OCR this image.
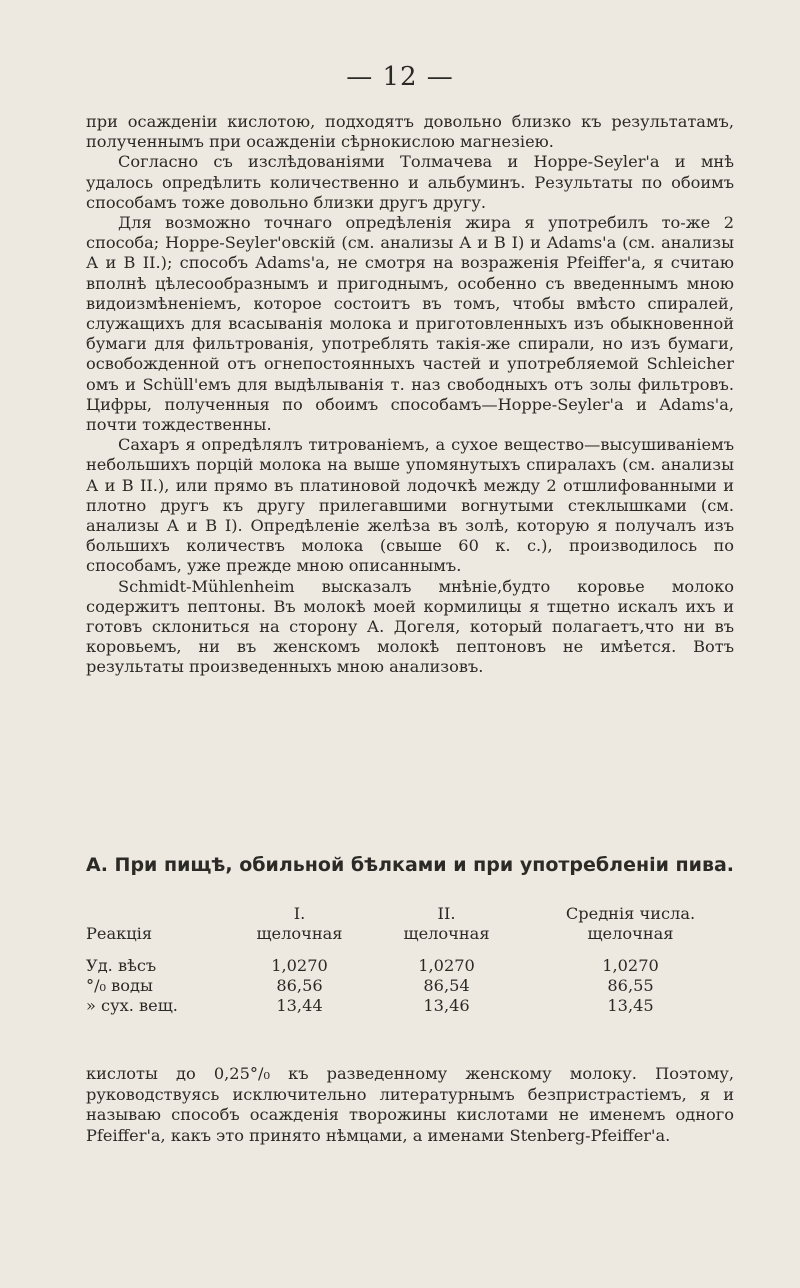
— 12 —

при осажденіи кислотою, подходятъ довольно близко къ результатамъ, полученнымъ при осажденіи сѣрнокислою магнезіею.

Согласно съ изслѣдованіями Толмачева и Норре-Seyler'а и мнѣ удалось опредѣлить количественно и альбуминъ. Результаты по обоимъ способамъ тоже довольно близки другъ другу.

Для возможно точнаго опредѣленія жира я употребилъ то-же 2 способа; Норре-Seyler'овскій (см. анализы А и В I) и Adams'а (см. анализы А и В II.); способъ Adams'а, не смотря на возраженія Pfeiffer'а, я считаю вполнѣ цѣлесообразнымъ и пригоднымъ, особенно съ введеннымъ мною видоизмѣненіемъ, которое состоитъ въ томъ, чтобы вмѣсто спиралей, служащихъ для всасыванія молока и приготовленныхъ изъ обыкновенной бумаги для фильтрованія, употреблять такія-же спирали, но изъ бумаги, освобожденной отъ огнепостоянныхъ частей и употребляемой Schleicher омъ и Schüll'емъ для выдѣлыванія т. наз свободныхъ отъ золы фильтровъ. Цифры, полученныя по обоимъ способамъ—Норре-Seyler'а и Adams'а, почти тождественны.

Сахаръ я опредѣлялъ титрованіемъ, а сухое вещество—высушиваніемъ небольшихъ порцій молока на выше упомянутыхъ спиралахъ (см. анализы А и В II.), или прямо въ платиновой лодочкѣ между 2 отшлифованными и плотно другъ къ другу прилегавшими вогнутыми стеклышками (см. анализы А и В I). Опредѣленіе желѣза въ золѣ, которую я получалъ изъ большихъ количествъ молока (свыше 60 к. с.), производилось по способамъ, уже прежде мною описаннымъ.

Schmidt-Mühlenheim высказалъ мнѣніе,будто коровье молоко содержитъ пептоны. Въ молокѣ моей кормилицы я тщетно искалъ ихъ и готовъ склониться на сторону А. Догеля, который полагаетъ,что ни въ коровьемъ, ни въ женскомъ молокѣ пептоновъ не имѣется. Вотъ результаты произведенныхъ мною анализовъ.

А. При пищѣ, обильной бѣлками и при употребленіи пива.
	I.	II.	Среднія числа.
Реакція	щелочная	щелочная	щелочная

Уд. вѣсъ	1,0270	1,0270	1,0270
°/₀ воды	86,56	86,54	86,55
» сух. вещ.	13,44	13,46	13,45

кислоты до 0,25°/₀ къ разведенному женскому молоку. Поэтому, руководствуясь исключительно литературнымъ безпристрастіемъ, я и называю способъ осажденія творожины кислотами не именемъ одного Pfeiffer'а, какъ это принято нѣмцами, а именами Stenberg-Pfeiffer'а.
